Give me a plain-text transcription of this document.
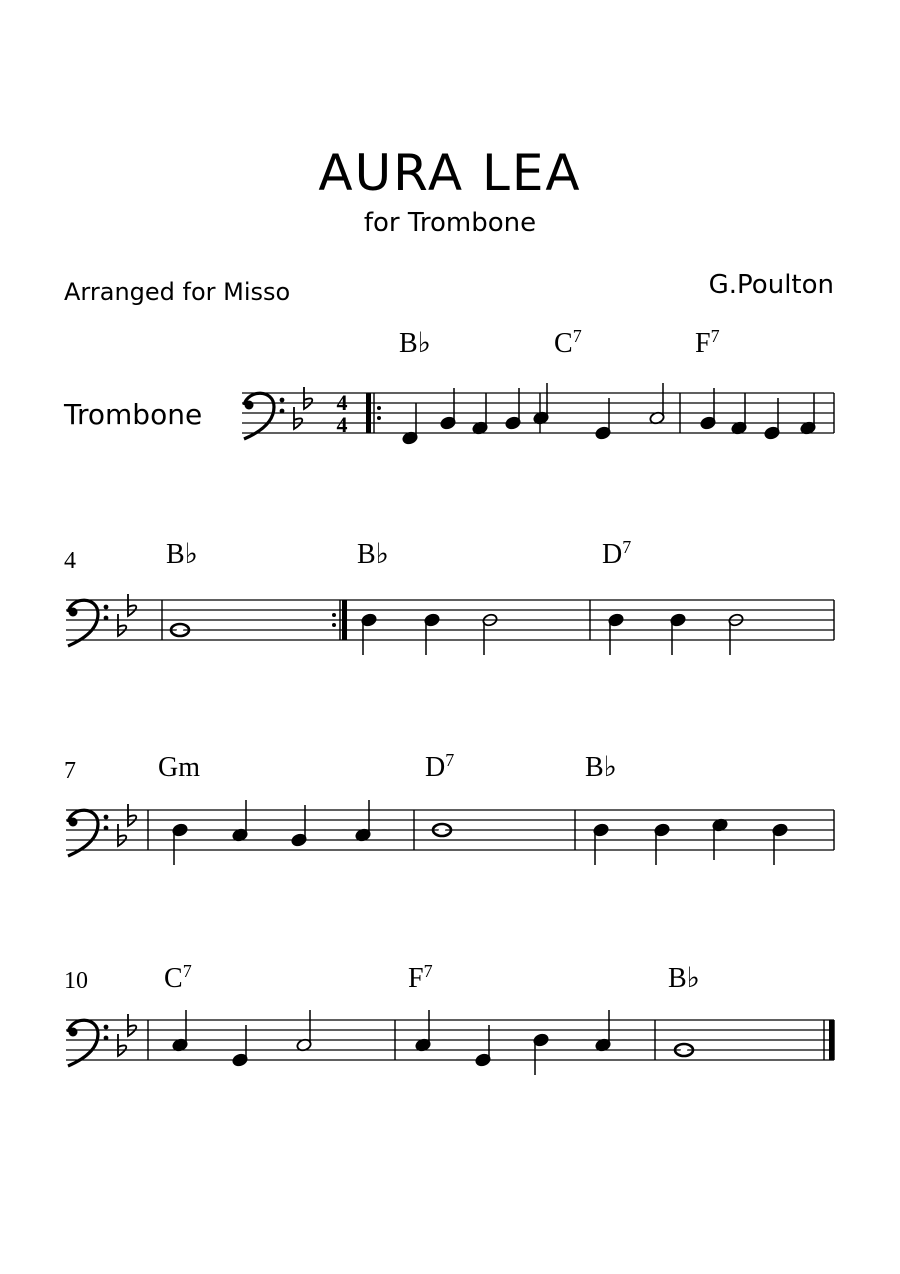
AURA LEA
for Trombone
Arranged for Misso	G.Poulton
Trombone	4
4
4
7
10
B♭	$C^7$	$F^7$
B♭	B♭	$D^7$
Gm	$D^7$	B♭
$C^7$	$F^7$	B♭
